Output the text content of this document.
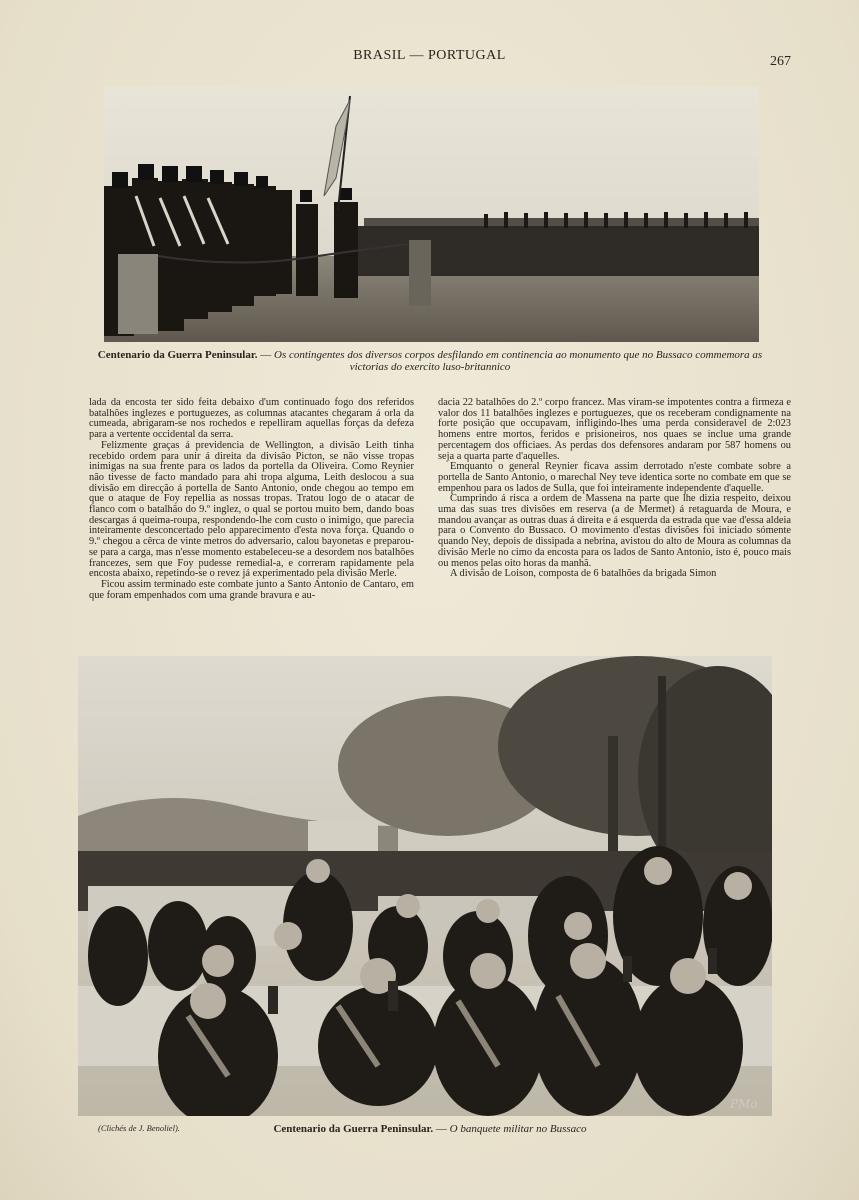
BRASIL — PORTUGAL	267
Centenario da Guerra Peninsular. — Os contingentes dos diversos corpos desfilando em continencia ao monumento que no Bussaco commemora as victorias do exercito luso-britannico

lada da encosta ter sido feita debaixo d'um continuado fogo dos referidos batalhões inglezes e portuguezes, as columnas atacantes chegaram á orla da cumeada, abrigaram-se nos rochedos e repelliram aquellas forças da defeza para a vertente occidental da serra.

Felizmente graças á previdencia de Wellington, a divisão Leith tinha recebido ordem para unir á direita da divisão Picton, se não visse tropas inimigas na sua frente para os lados da portella da Oliveira. Como Reynier não tivesse de facto mandado para ahi tropa alguma, Leith deslocou a sua divisão em direcção á portella de Santo Antonio, onde chegou ao tempo em que o ataque de Foy repellia as nossas tropas. Tratou logo de o atacar de flanco com o batalhão do 9.º inglez, o qual se portou muito bem, dando boas descargas á queima-roupa, respondendo-lhe com custo o inimigo, que parecia inteiramente desconcertado pelo apparecimento d'esta nova força. Quando o 9.º chegou a cêrca de vinte metros do adversario, calou bayonetas e preparou-se para a carga, mas n'esse momento estabeleceu-se a desordem nos batalhões francezes, sem que Foy pudesse remedial-a, e correram rapidamente pela encosta abaixo, repetindo-se o revez já experimentado pela divisão Merle.

Ficou assim terminado este combate junto a Santo Antonio de Cantaro, em que foram empenhados com uma grande bravura e au-

dacia 22 batalhões do 2.º corpo francez. Mas viram-se impotentes contra a firmeza e valor dos 11 batalhões inglezes e portuguezes, que os receberam condignamente na forte posição que occupavam, infligindo-lhes uma perda consideravel de 2:023 homens entre mortos, feridos e prisioneiros, nos quaes se inclue uma grande percentagem dos officiaes. As perdas dos defensores andaram por 587 homens ou seja a quarta parte d'aquelles.

Emquanto o general Reynier ficava assim derrotado n'este combate sobre a portella de Santo Antonio, o marechal Ney teve identica sorte no combate em que se empenhou para os lados de Sulla, que foi inteiramente independente d'aquelle.

Cumprindo á risca a ordem de Massena na parte que lhe dizia respeito, deixou uma das suas tres divisões em reserva (a de Mermet) á retaguarda de Moura, e mandou avançar as outras duas á direita e á esquerda da estrada que vae d'essa aldeia para o Convento do Bussaco. O movimento d'estas divisões foi iniciado sómente quando Ney, depois de dissipada a nebrina, avistou do alto de Moura as columnas da divisão Merle no cimo da encosta para os lados de Santo Antonio, isto é, pouco mais ou menos pelas oito horas da manhã.

A divisão de Loison, composta de 6 batalhões da brigada Simon

PMo
(Clichés de J. Benoliel).	Centenario da Guerra Peninsular. — O banquete militar no Bussaco
